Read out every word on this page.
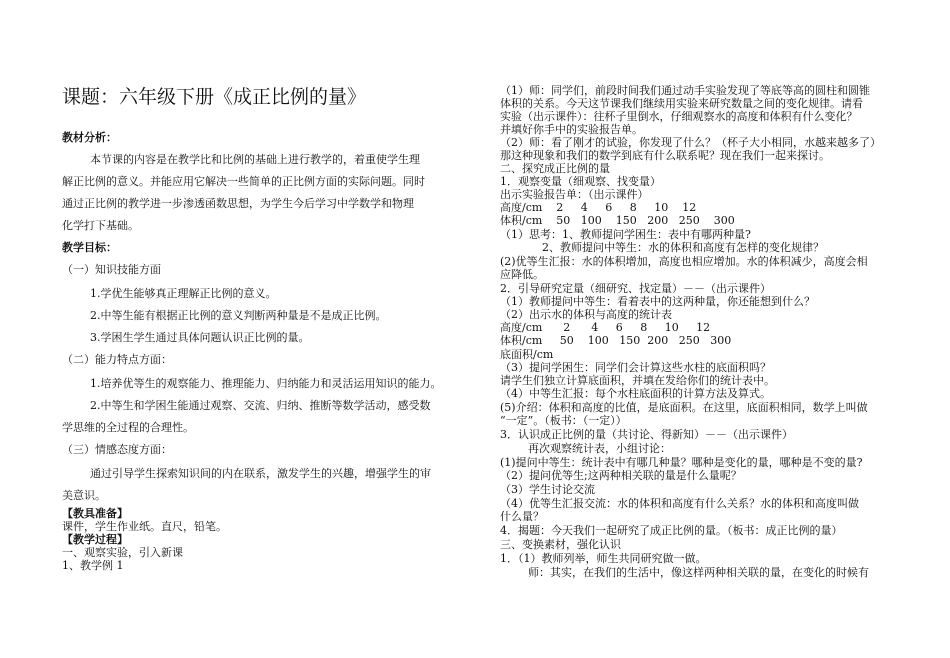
课题：六年级下册《成正比例的量》
教材分析：
本节课的内容是在教学比和比例的基础上进行教学的，着重使学生理
解正比例的意义。并能应用它解决一些简单的正比例方面的实际问题。同时
通过正比例的教学进一步渗透函数思想，为学生今后学习中学数学和物理
化学打下基础。
教学目标：
（一）知识技能方面
1.学优生能够真正理解正比例的意义。
2.中等生能有根据正比例的意义判断两种量是不是成正比例。
3.学困生学生通过具体问题认识正比例的量。
（二）能力特点方面：
1.培养优等生的观察能力、推理能力、归纳能力和灵活运用知识的能力。
2.中等生和学困生能通过观察、交流、归纳、推断等数学活动，感受数
学思维的全过程的合理性。
（三）情感态度方面：
通过引导学生探索知识间的内在联系，激发学生的兴趣，增强学生的审
美意识。
【教具准备】
课件，学生作业纸。直尺，铅笔。
【教学过程】
一、观察实验，引入新课
1、教学例 1
（1）师：同学们，前段时间我们通过动手实验发现了等底等高的圆柱和圆锥
体积的关系。今天这节课我们继续用实验来研究数量之间的变化规律。请看
实验（出示课件）：往杯子里倒水，仔细观察水的高度和体积有什么变化？
并填好你手中的实验报告单。
（2）师：看了刚才的试验，你发现了什么？（杯子大小相同，水越来越多了）
那这种现象和我们的数学到底有什么联系呢？现在我们一起来探讨。
二、探究成正比例的量
1．观察变量（细观察、找变量）
出示实验报告单：（出示课件）
高度/cm    2     4     6     8     10    12
体积/cm    50   100    150   200   250    300
（1）思考：1、教师提问学困生：表中有哪两种量?
2、教师提问中等生：水的体积和高度有怎样的变化规律？
(2)优等生汇报：水的体积增加，高度也相应增加。水的体积减少，高度会相
应降低。
2．引导研究定量（细研究、找定量）－－（出示课件）
（1）教师提问中等生：看着表中的这两种量，你还能想到什么？
（2）出示水的体积与高度的统计表
高度/cm      2      4     6     8     10     12
体积/cm     50    100   150  200   250   300
底面积/cm
（3）提问学困生：同学们会计算这些水柱的底面积吗？
请学生们独立计算底面积，并填在发给你们的统计表中。
（4）中等生汇报：每个水柱底面积的计算方法及算式。
(5)介绍：体积和高度的比值，是底面积。在这里，底面积相同，数学上叫做
“一定”。（板书：（一定））
3．认识成正比例的量（共讨论、得新知）－－（出示课件）
再次观察统计表，小组讨论：
(1)提问中等生：统计表中有哪几种量？哪种是变化的量，哪种是不变的量?
（2）提问优等生;这两种相关联的量是什么量呢？
（3）学生讨论交流
（4）优等生汇报交流：水的体积和高度有什么关系？水的体积和高度叫做
什么量？
4．揭题：今天我们一起研究了成正比例的量。（板书：成正比例的量）
三、变换素材，强化认识
1．（1）教师列举，师生共同研究做一做。
师：其实，在我们的生活中，像这样两种相关联的量，在变化的时候有
